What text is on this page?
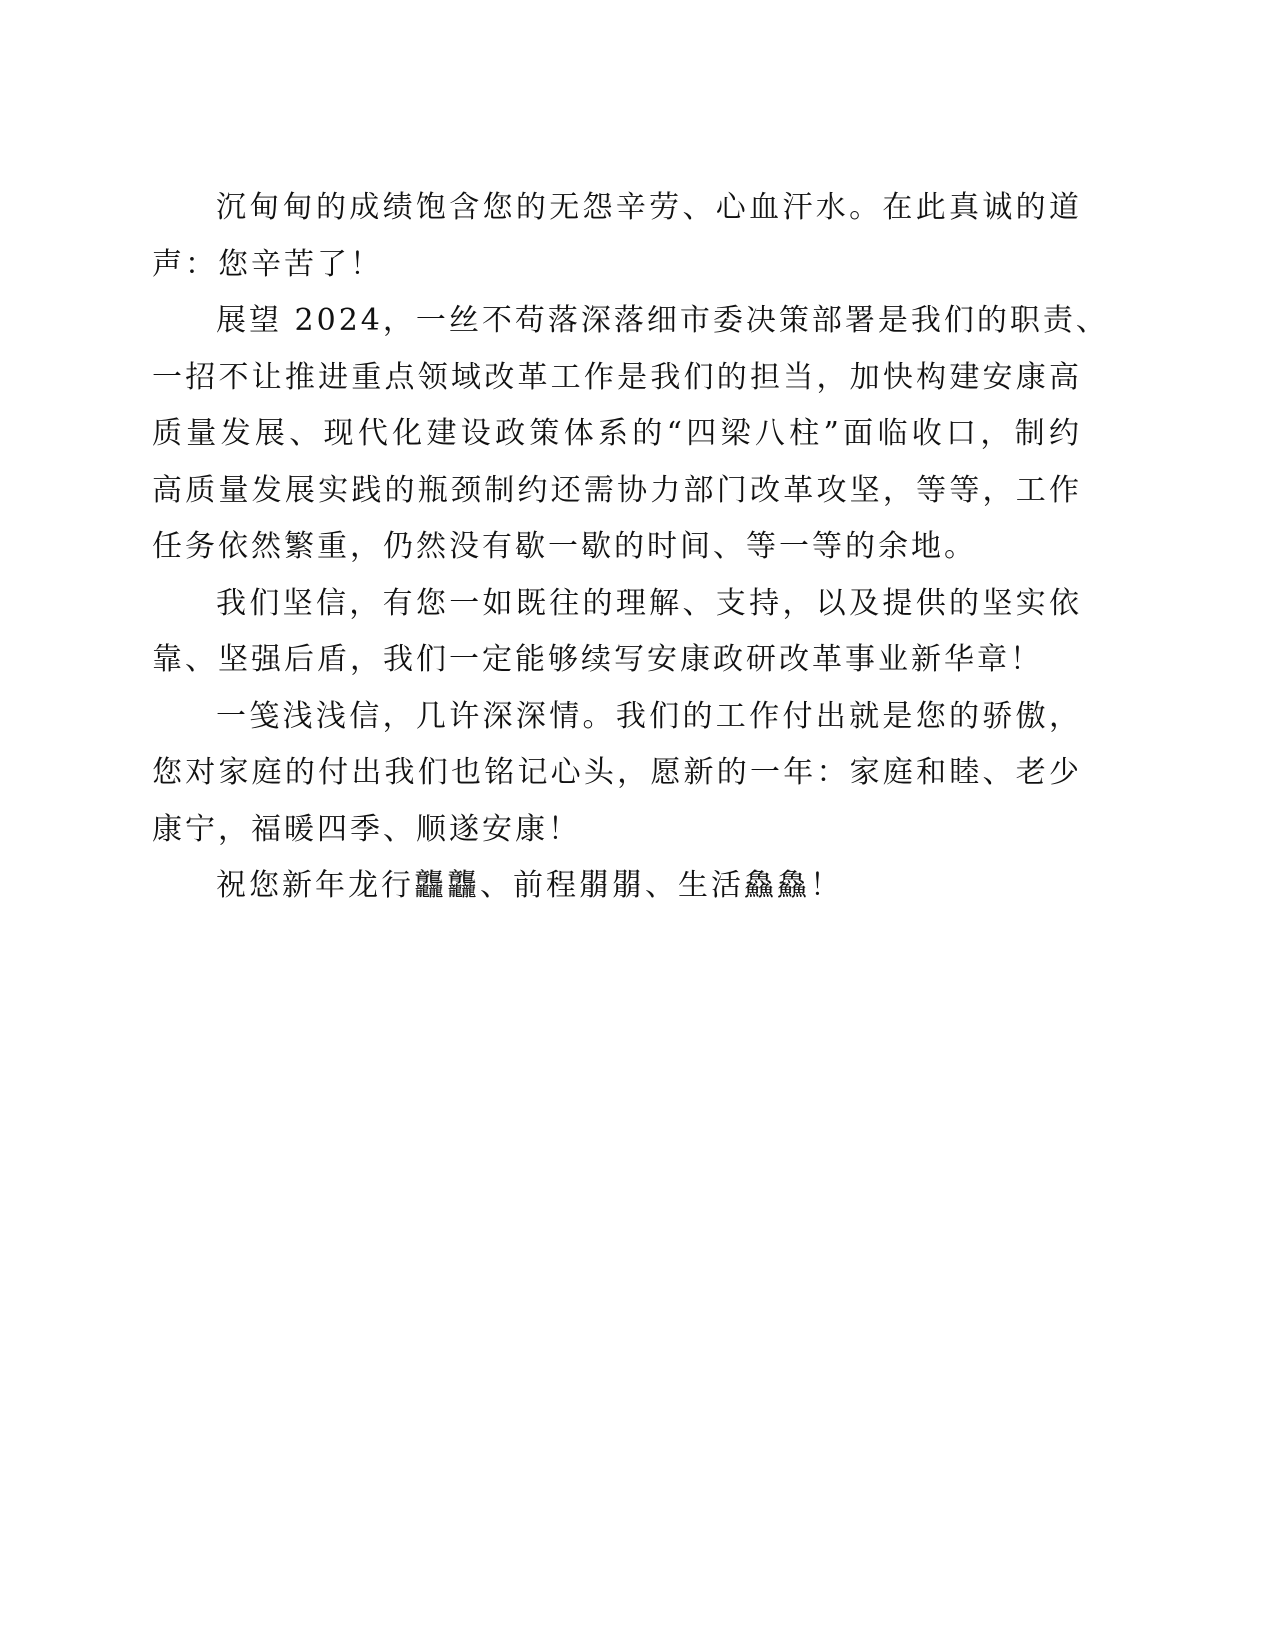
沉甸甸的成绩饱含您的无怨辛劳、心血汗水。在此真诚的道
声：您辛苦了！
展望 2024，一丝不苟落深落细市委决策部署是我们的职责、
一招不让推进重点领域改革工作是我们的担当，加快构建安康高
质量发展、现代化建设政策体系的“四梁八柱”面临收口，制约
高质量发展实践的瓶颈制约还需协力部门改革攻坚，等等，工作
任务依然繁重，仍然没有歇一歇的时间、等一等的余地。
我们坚信，有您一如既往的理解、支持，以及提供的坚实依
靠、坚强后盾，我们一定能够续写安康政研改革事业新华章！
一笺浅浅信，几许深深情。我们的工作付出就是您的骄傲，
您对家庭的付出我们也铭记心头，愿新的一年：家庭和睦、老少
康宁，福暖四季、顺遂安康！
祝您新年龙行龘龘、前程朤朤、生活鱻鱻！
